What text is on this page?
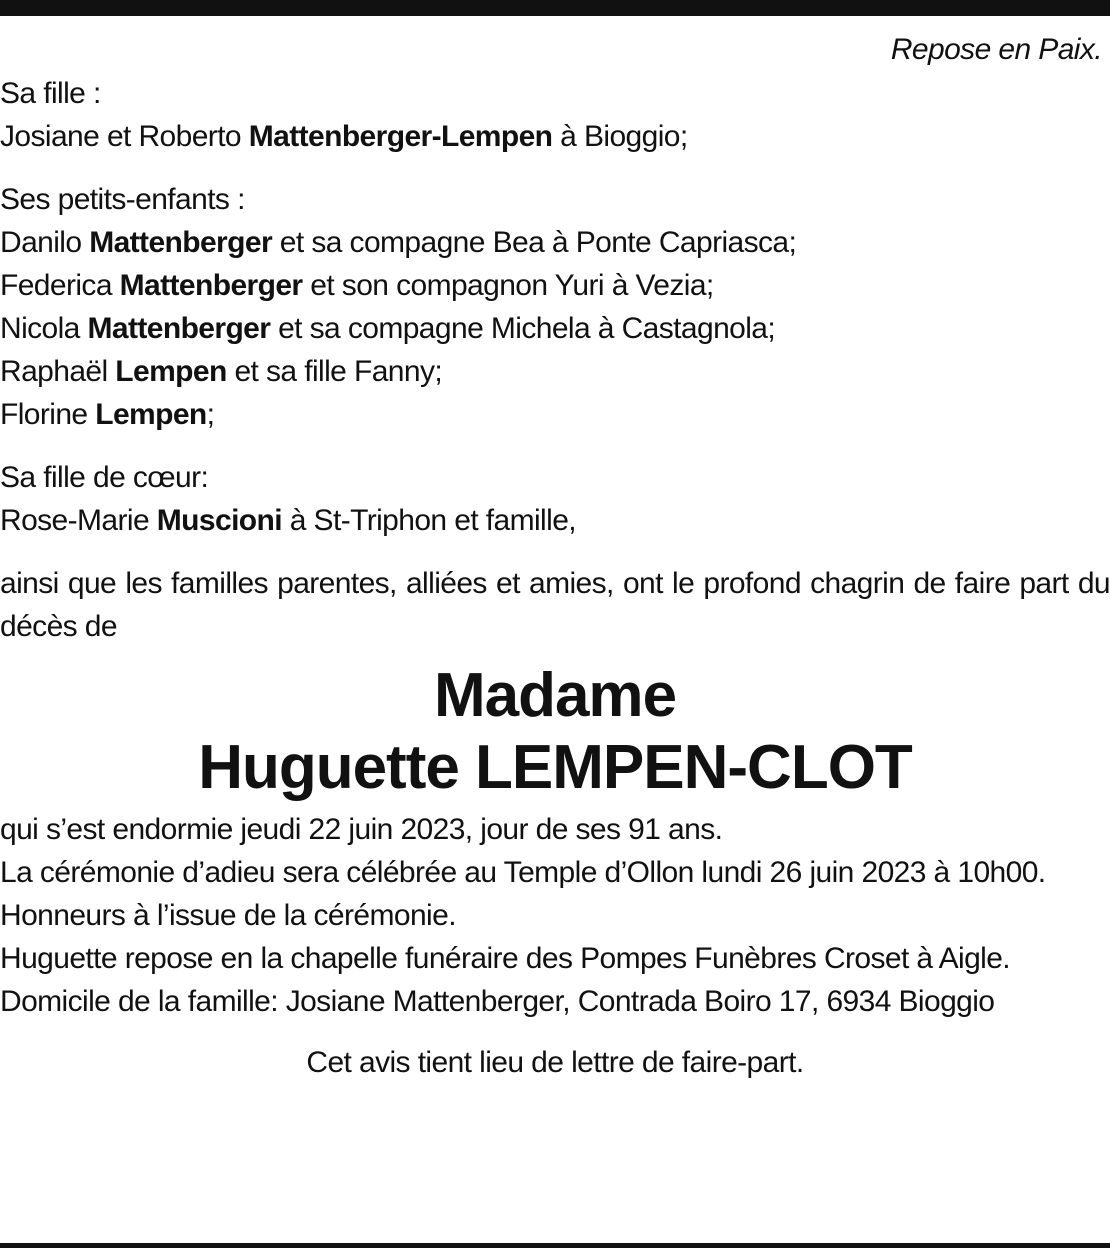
Repose en Paix.
Sa fille :
Josiane et Roberto Mattenberger-Lempen à Bioggio;
Ses petits-enfants :
Danilo Mattenberger et sa compagne Bea à Ponte Capriasca;
Federica Mattenberger et son compagnon Yuri à Vezia;
Nicola Mattenberger et sa compagne Michela à Castagnola;
Raphaël Lempen et sa fille Fanny;
Florine Lempen;
Sa fille de cœur:
Rose-Marie Muscioni à St-Triphon et famille,
ainsi que les familles parentes, alliées et amies, ont le profond chagrin de faire part du décès de
Madame
Huguette LEMPEN-CLOT
qui s’est endormie jeudi 22 juin 2023, jour de ses 91 ans.
La cérémonie d’adieu sera célébrée au Temple d’Ollon lundi 26 juin 2023 à 10h00.
Honneurs à l’issue de la cérémonie.
Huguette repose en la chapelle funéraire des Pompes Funèbres Croset à Aigle.
Domicile de la famille: Josiane Mattenberger, Contrada Boiro 17, 6934 Bioggio
Cet avis tient lieu de lettre de faire-part.
